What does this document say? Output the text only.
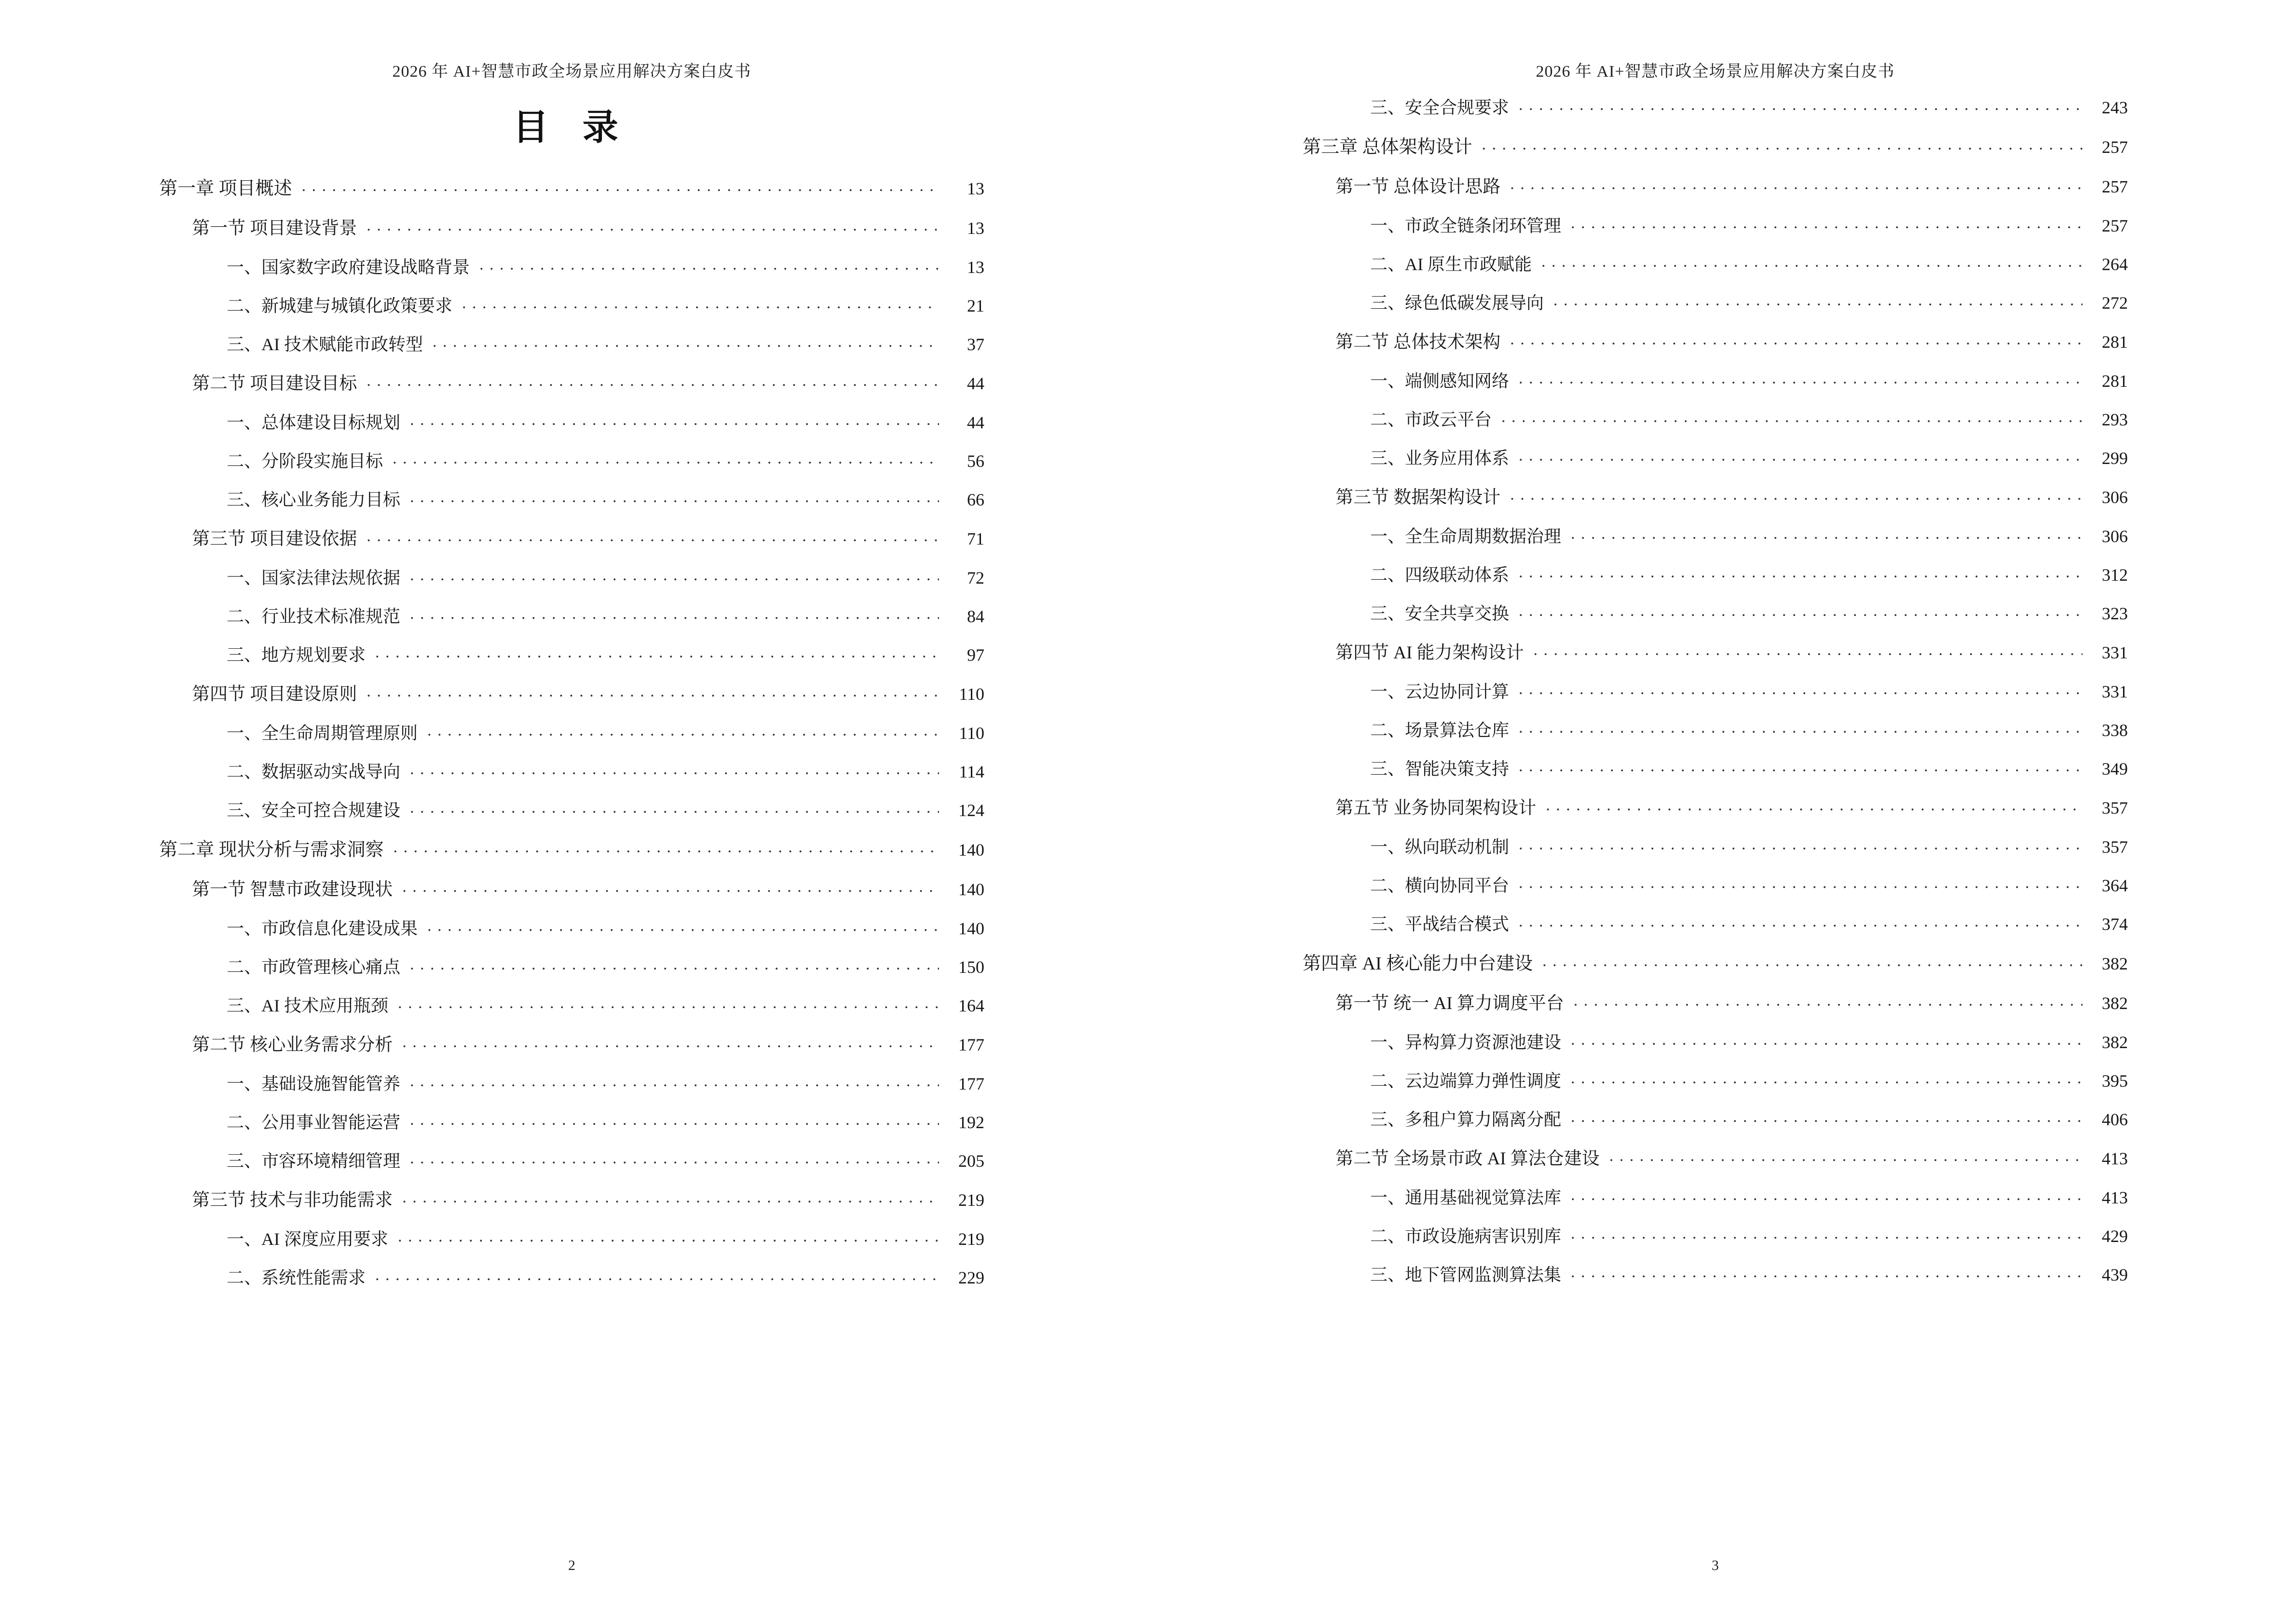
2026 年 AI+智慧市政全场景应用解决方案白皮书
目 录
第一章 项目概述 . . .	13
第一节 项目建设背景 . . .	13
一、国家数字政府建设战略背景 . . .	13
二、新城建与城镇化政策要求 . . .	21
三、AI 技术赋能市政转型 . . .	37
第二节 项目建设目标 . . .	44
一、总体建设目标规划 . . .	44
二、分阶段实施目标 . . .	56
三、核心业务能力目标 . . .	66
第三节 项目建设依据 . . .	71
一、国家法律法规依据 . . .	72
二、行业技术标准规范 . . .	84
三、地方规划要求 . . .	97
第四节 项目建设原则 . . .	110
一、全生命周期管理原则 . . .	110
二、数据驱动实战导向 . . .	114
三、安全可控合规建设 . . .	124
第二章 现状分析与需求洞察 . . .	140
第一节 智慧市政建设现状 . . .	140
一、市政信息化建设成果 . . .	140
二、市政管理核心痛点 . . .	150
三、AI 技术应用瓶颈 . . .	164
第二节 核心业务需求分析 . . .	177
一、基础设施智能管养 . . .	177
二、公用事业智能运营 . . .	192
三、市容环境精细管理 . . .	205
第三节 技术与非功能需求 . . .	219
一、AI 深度应用要求 . . .	219
二、系统性能需求 . . .	229
2
2026 年 AI+智慧市政全场景应用解决方案白皮书
三、安全合规要求 . . .	243
第三章 总体架构设计 . . .	257
第一节 总体设计思路 . . .	257
一、市政全链条闭环管理 . . .	257
二、AI 原生市政赋能 . . .	264
三、绿色低碳发展导向 . . .	272
第二节 总体技术架构 . . .	281
一、端侧感知网络 . . .	281
二、市政云平台 . . .	293
三、业务应用体系 . . .	299
第三节 数据架构设计 . . .	306
一、全生命周期数据治理 . . .	306
二、四级联动体系 . . .	312
三、安全共享交换 . . .	323
第四节 AI 能力架构设计 . . .	331
一、云边协同计算 . . .	331
二、场景算法仓库 . . .	338
三、智能决策支持 . . .	349
第五节 业务协同架构设计 . . .	357
一、纵向联动机制 . . .	357
二、横向协同平台 . . .	364
三、平战结合模式 . . .	374
第四章 AI 核心能力中台建设 . . .	382
第一节 统一 AI 算力调度平台 . . .	382
一、异构算力资源池建设 . . .	382
二、云边端算力弹性调度 . . .	395
三、多租户算力隔离分配 . . .	406
第二节 全场景市政 AI 算法仓建设 . . .	413
一、通用基础视觉算法库 . . .	413
二、市政设施病害识别库 . . .	429
三、地下管网监测算法集 . . .	439
3
